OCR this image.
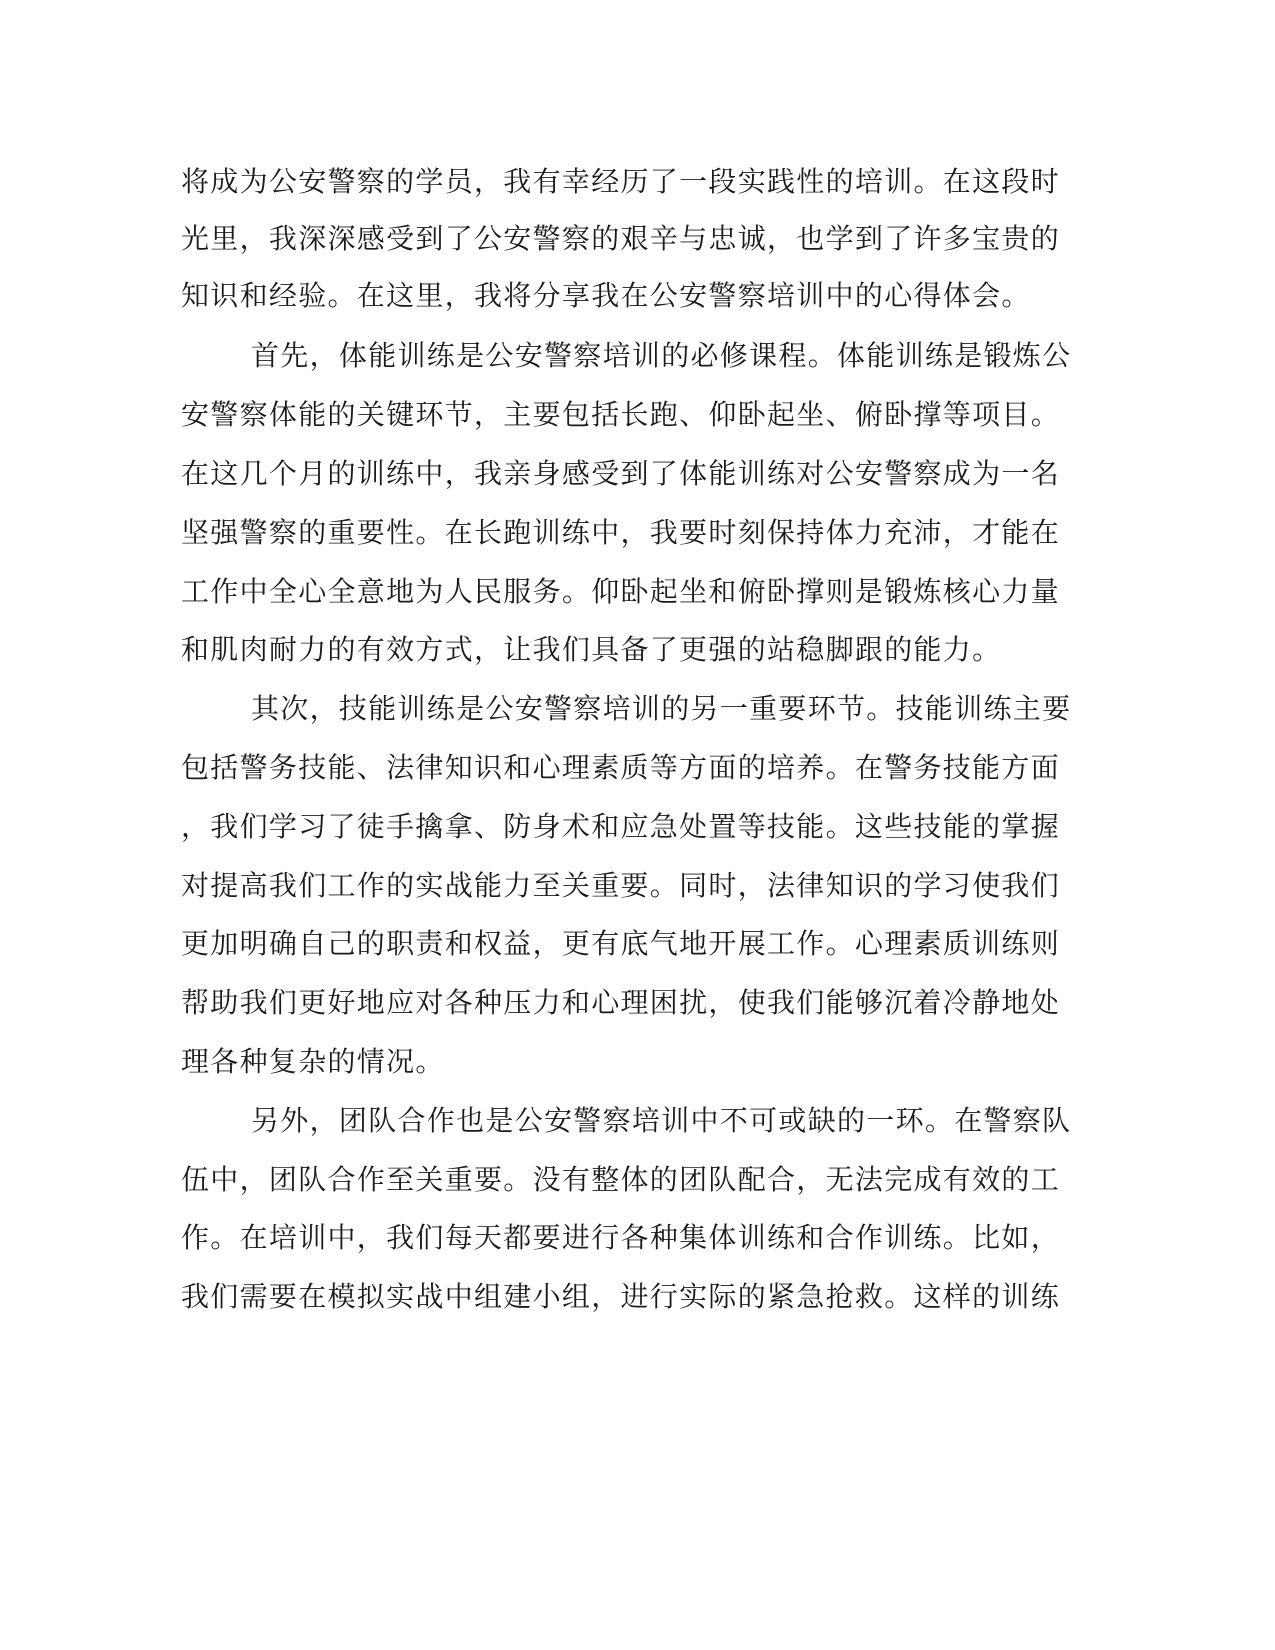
将成为公安警察的学员，我有幸经历了一段实践性的培训。在这段时
光里，我深深感受到了公安警察的艰辛与忠诚，也学到了许多宝贵的
知识和经验。在这里，我将分享我在公安警察培训中的心得体会。
首先，体能训练是公安警察培训的必修课程。体能训练是锻炼公
安警察体能的关键环节，主要包括长跑、仰卧起坐、俯卧撑等项目。
在这几个月的训练中，我亲身感受到了体能训练对公安警察成为一名
坚强警察的重要性。在长跑训练中，我要时刻保持体力充沛，才能在
工作中全心全意地为人民服务。仰卧起坐和俯卧撑则是锻炼核心力量
和肌肉耐力的有效方式，让我们具备了更强的站稳脚跟的能力。
其次，技能训练是公安警察培训的另一重要环节。技能训练主要
包括警务技能、法律知识和心理素质等方面的培养。在警务技能方面
，我们学习了徒手擒拿、防身术和应急处置等技能。这些技能的掌握
对提高我们工作的实战能力至关重要。同时，法律知识的学习使我们
更加明确自己的职责和权益，更有底气地开展工作。心理素质训练则
帮助我们更好地应对各种压力和心理困扰，使我们能够沉着冷静地处
理各种复杂的情况。
另外，团队合作也是公安警察培训中不可或缺的一环。在警察队
伍中，团队合作至关重要。没有整体的团队配合，无法完成有效的工
作。在培训中，我们每天都要进行各种集体训练和合作训练。比如，
我们需要在模拟实战中组建小组，进行实际的紧急抢救。这样的训练
